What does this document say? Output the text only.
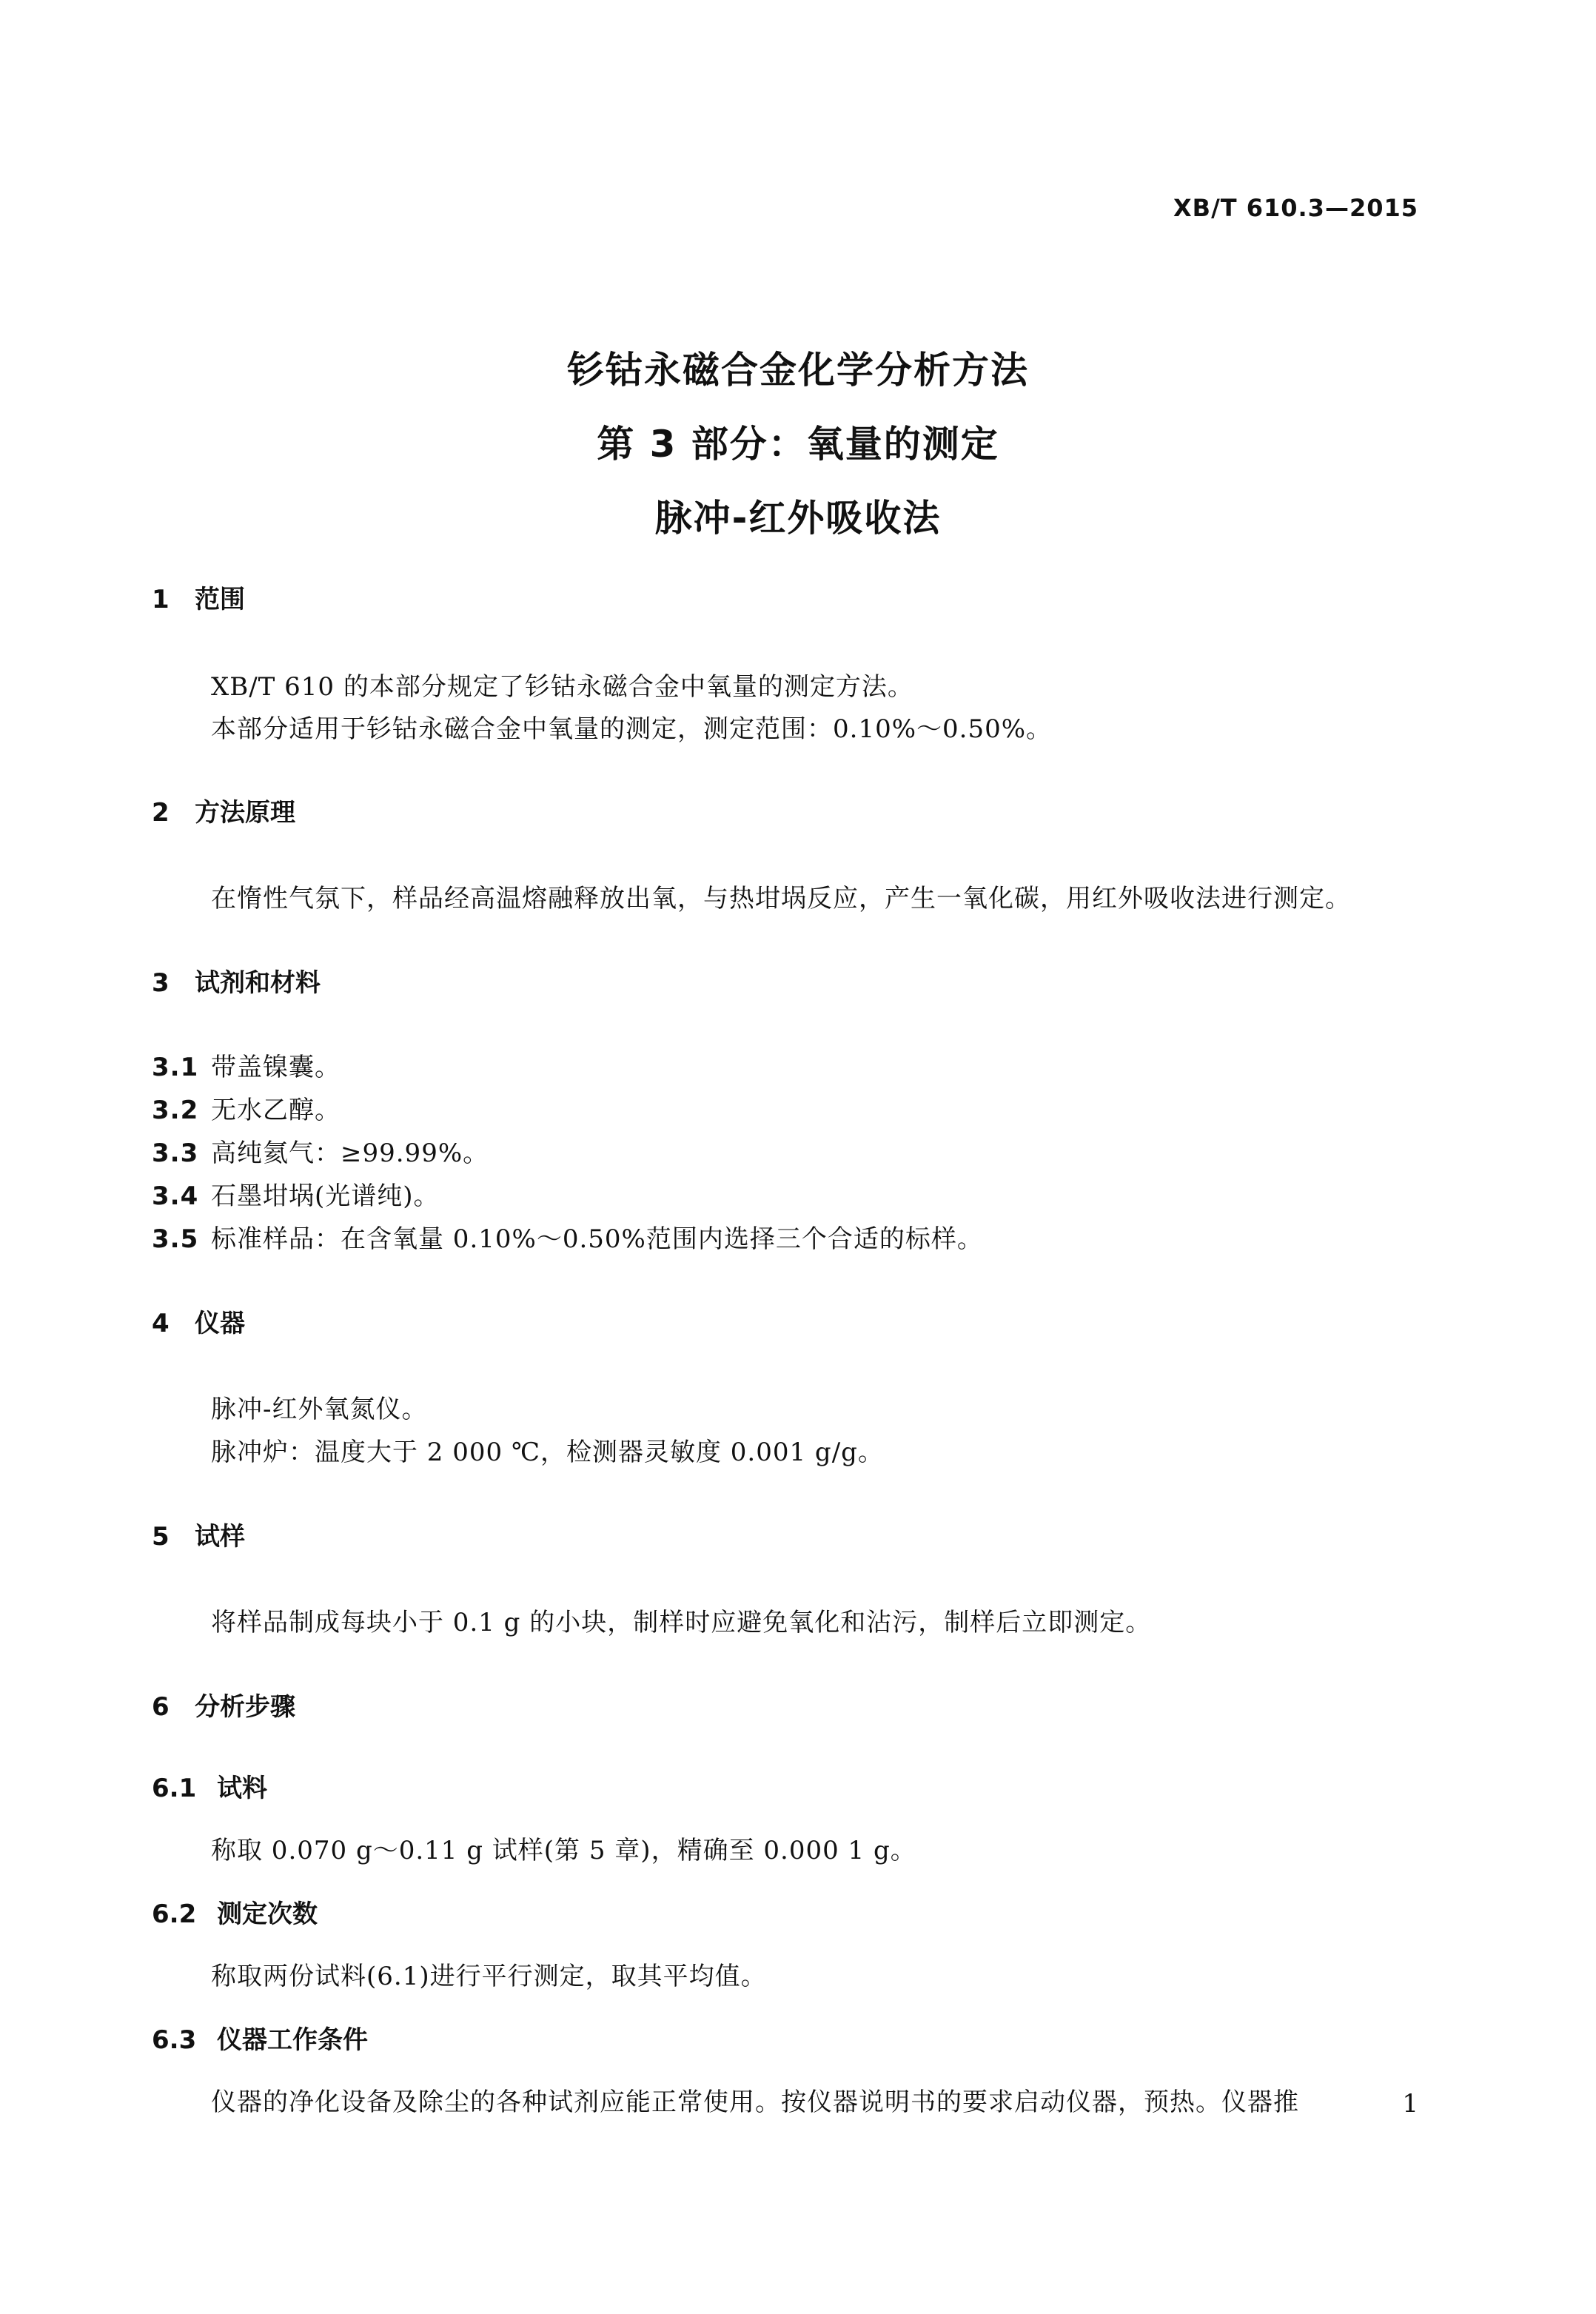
XB/T 610.3—2015
钐钴永磁合金化学分析方法
第 3 部分：氧量的测定
脉冲-红外吸收法
1 范围
XB/T 610 的本部分规定了钐钴永磁合金中氧量的测定方法。
本部分适用于钐钴永磁合金中氧量的测定，测定范围：0.10%～0.50%。
2 方法原理
在惰性气氛下，样品经高温熔融释放出氧，与热坩埚反应，产生一氧化碳，用红外吸收法进行测定。
3 试剂和材料
3.1 带盖镍囊。
3.2 无水乙醇。
3.3 高纯氦气：≥99.99%。
3.4 石墨坩埚(光谱纯)。
3.5 标准样品：在含氧量 0.10%～0.50%范围内选择三个合适的标样。
4 仪器
脉冲-红外氧氮仪。
脉冲炉：温度大于 2 000 ℃，检测器灵敏度 0.001 g/g。
5 试样
将样品制成每块小于 0.1 g 的小块，制样时应避免氧化和沾污，制样后立即测定。
6 分析步骤
6.1 试料
称取 0.070 g～0.11 g 试样(第 5 章)，精确至 0.000 1 g。
6.2 测定次数
称取两份试料(6.1)进行平行测定，取其平均值。
6.3 仪器工作条件
仪器的净化设备及除尘的各种试剂应能正常使用。按仪器说明书的要求启动仪器，预热。仪器推	1
